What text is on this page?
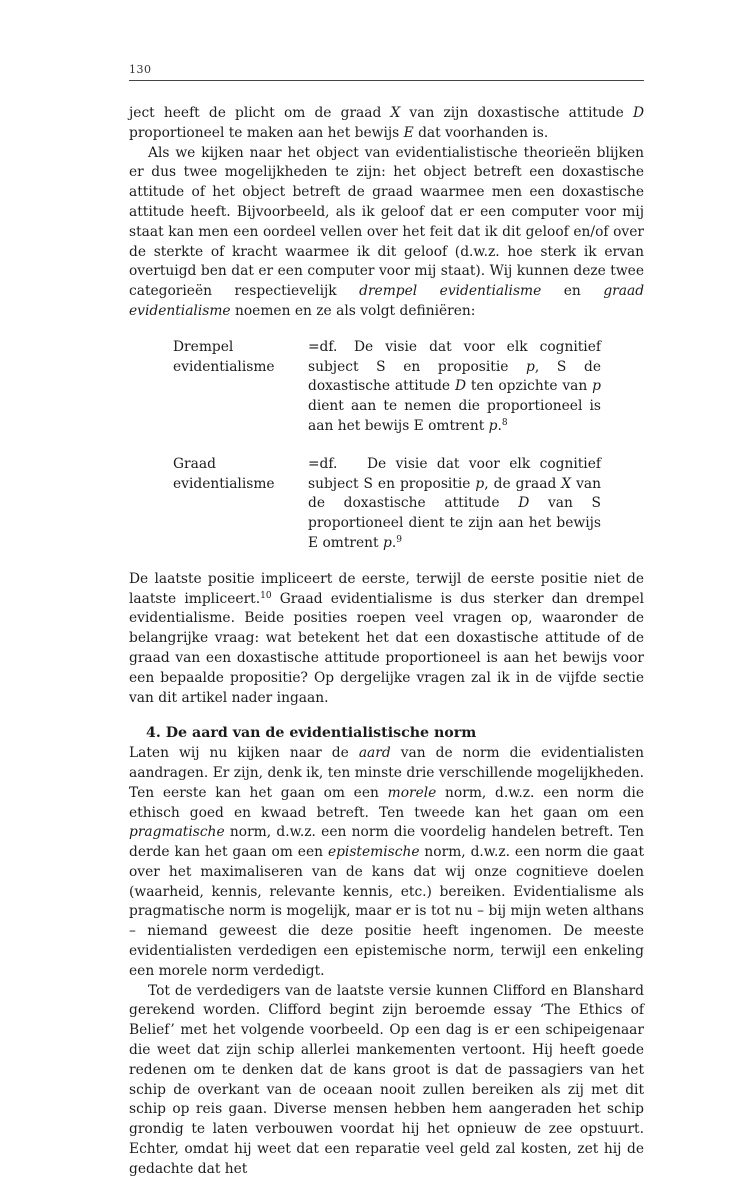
130

ject heeft de plicht om de graad X van zijn doxastische attitude D proportioneel te maken aan het bewijs E dat voorhanden is.

Als we kijken naar het object van evidentialistische theorieën blijken er dus twee mogelijkheden te zijn: het object betreft een doxastische attitude of het object betreft de graad waarmee men een doxastische attitude heeft. Bijvoorbeeld, als ik geloof dat er een computer voor mij staat kan men een oordeel vellen over het feit dat ik dit geloof en/of over de sterkte of kracht waarmee ik dit geloof (d.w.z. hoe sterk ik ervan overtuigd ben dat er een computer voor mij staat). Wij kunnen deze twee categorieën respectievelijk drempel evidentialisme en graad evidentialisme noemen en ze als volgt definiëren:

Drempel evidentialisme
=df. De visie dat voor elk cognitief subject S en propositie p, S de doxastische attitude D ten opzichte van p dient aan te nemen die proportioneel is aan het bewijs E omtrent p.$^8$
Graad evidentialisme
=df. De visie dat voor elk cognitief subject S en propositie p, de graad X van de doxastische attitude D van S proportioneel dient te zijn aan het bewijs E omtrent p.$^9$

De laatste positie impliceert de eerste, terwijl de eerste positie niet de laatste impliceert.$^{10}$ Graad evidentialisme is dus sterker dan drempel evidentialisme. Beide posities roepen veel vragen op, waaronder de belangrijke vraag: wat betekent het dat een doxastische attitude of de graad van een doxastische attitude proportioneel is aan het bewijs voor een bepaalde propositie? Op dergelijke vragen zal ik in de vijfde sectie van dit artikel nader ingaan.

4. De aard van de evidentialistische norm

Laten wij nu kijken naar de aard van de norm die evidentialisten aandragen. Er zijn, denk ik, ten minste drie verschillende mogelijkheden. Ten eerste kan het gaan om een morele norm, d.w.z. een norm die ethisch goed en kwaad betreft. Ten tweede kan het gaan om een pragmatische norm, d.w.z. een norm die voordelig handelen betreft. Ten derde kan het gaan om een epistemische norm, d.w.z. een norm die gaat over het maximaliseren van de kans dat wij onze cognitieve doelen (waarheid, kennis, relevante kennis, etc.) bereiken. Evidentialisme als pragmatische norm is mogelijk, maar er is tot nu – bij mijn weten althans – niemand geweest die deze positie heeft ingenomen. De meeste evidentialisten verdedigen een epistemische norm, terwijl een enkeling een morele norm verdedigt.

Tot de verdedigers van de laatste versie kunnen Clifford en Blanshard gerekend worden. Clifford begint zijn beroemde essay ‘The Ethics of Belief’ met het volgende voorbeeld. Op een dag is er een schipeigenaar die weet dat zijn schip allerlei mankementen vertoont. Hij heeft goede redenen om te denken dat de kans groot is dat de passagiers van het schip de overkant van de oceaan nooit zullen bereiken als zij met dit schip op reis gaan. Diverse mensen hebben hem aangeraden het schip grondig te laten verbouwen voordat hij het opnieuw de zee opstuurt. Echter, omdat hij weet dat een reparatie veel geld zal kosten, zet hij de gedachte dat het
